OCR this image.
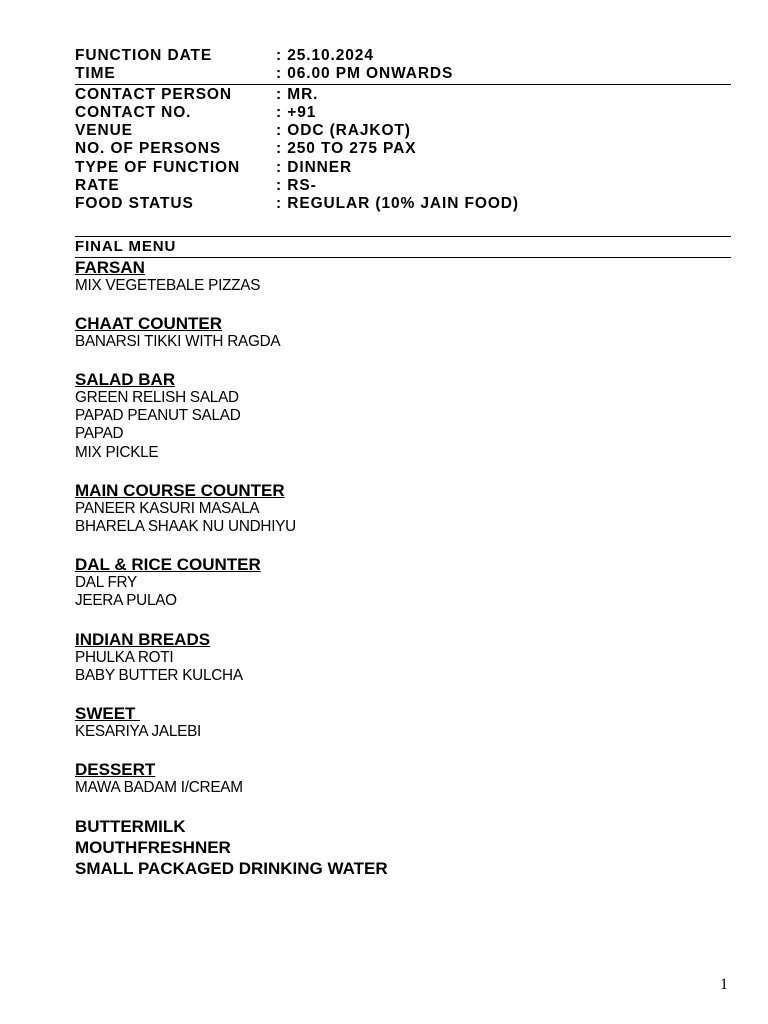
FUNCTION DATE	: 25.10.2024
TIME	: 06.00 PM ONWARDS
CONTACT PERSON	: MR.
CONTACT NO.	: +91
VENUE	: ODC (RAJKOT)
NO. OF PERSONS	: 250 TO 275 PAX
TYPE OF FUNCTION	: DINNER
RATE	: RS-
FOOD STATUS	: REGULAR (10% JAIN FOOD)
FINAL MENU
FARSAN
MIX VEGETEBALE PIZZAS
CHAAT COUNTER
BANARSI TIKKI WITH RAGDA
SALAD BAR
GREEN RELISH SALAD
PAPAD PEANUT SALAD
PAPAD
MIX PICKLE
MAIN COURSE COUNTER
PANEER KASURI MASALA
BHARELA SHAAK NU UNDHIYU
DAL & RICE COUNTER
DAL FRY
JEERA PULAO
INDIAN BREADS
PHULKA ROTI
BABY BUTTER KULCHA
SWEET
KESARIYA JALEBI
DESSERT
MAWA BADAM I/CREAM
BUTTERMILK
MOUTHFRESHNER
SMALL PACKAGED DRINKING WATER
1
